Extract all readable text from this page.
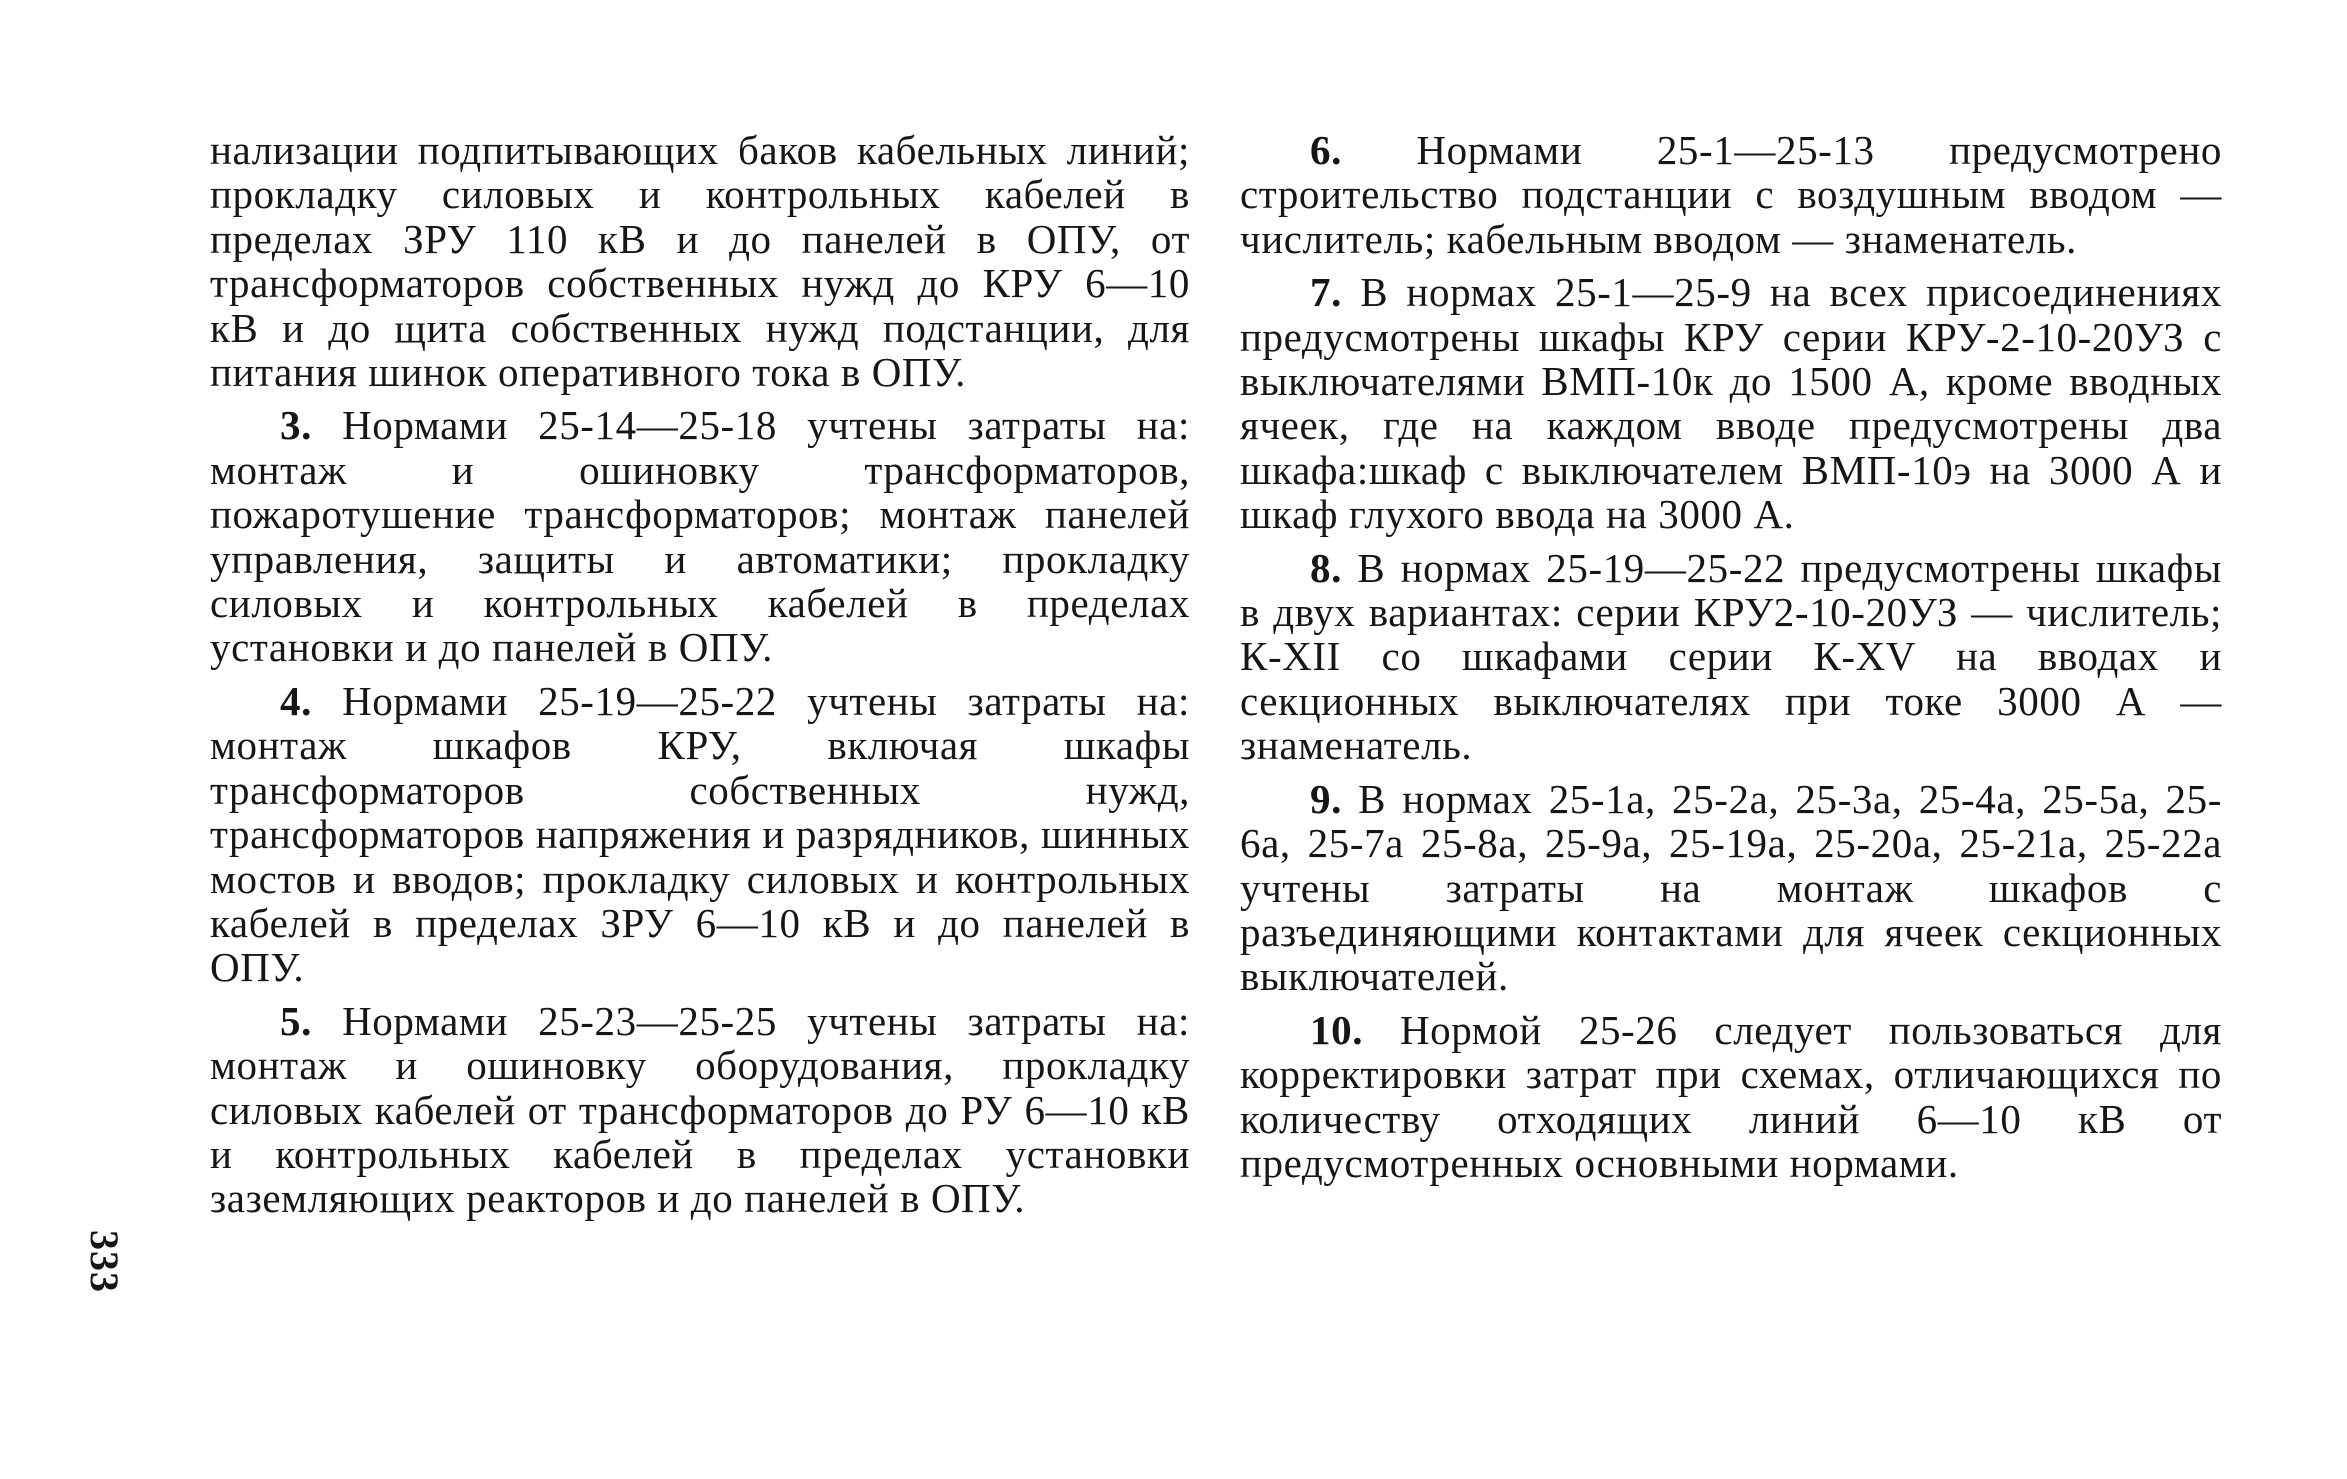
333

нализации подпитывающих баков кабельных линий; прокладку силовых и контрольных кабелей в пределах ЗРУ 110 кВ и до панелей в ОПУ, от трансформаторов собственных нужд до КРУ 6—10 кВ и до щита собственных нужд подстанции, для питания шинок оперативного тока в ОПУ.

3. Нормами 25-14—25-18 учтены затраты на: монтаж и ошиновку трансформаторов, пожаротушение трансформаторов; монтаж панелей управления, защиты и автоматики; прокладку силовых и контрольных кабелей в пределах установки и до панелей в ОПУ.

4. Нормами 25-19—25-22 учтены затраты на: монтаж шкафов КРУ, включая шкафы трансформаторов собственных нужд, трансформаторов напряжения и разрядников, шинных мостов и вводов; прокладку силовых и контрольных кабелей в пределах ЗРУ 6—10 кВ и до панелей в ОПУ.

5. Нормами 25-23—25-25 учтены затраты на: монтаж и ошиновку оборудования, прокладку силовых кабелей от трансформаторов до РУ 6—10 кВ и контрольных кабелей в пределах установки заземляющих реакторов и до панелей в ОПУ.

6. Нормами 25-1—25-13 предусмотрено строительство подстанции с воздушным вводом — числитель; кабельным вводом — знаменатель.

7. В нормах 25-1—25-9 на всех присоединениях предусмотрены шкафы КРУ серии КРУ-2-10-20УЗ с выключателями ВМП-10к до 1500 А, кроме вводных ячеек, где на каждом вводе предусмотрены два шкафа:шкаф с выключателем ВМП-10э на 3000 А и шкаф глухого ввода на 3000 А.

8. В нормах 25-19—25-22 предусмотрены шкафы в двух вариантах: серии КРУ2-10-20УЗ — числитель; К-XII со шкафами серии К-XV на вводах и секционных выключателях при токе 3000 А — знаменатель.

9. В нормах 25-1а, 25-2а, 25-3а, 25-4а, 25-5а, 25-6а, 25-7а 25-8а, 25-9а, 25-19а, 25-20а, 25-21а, 25-22а учтены затраты на монтаж шкафов с разъединяющими контактами для ячеек секционных выключателей.

10. Нормой 25-26 следует пользоваться для корректировки затрат при схемах, отличающихся по количеству отходящих линий 6—10 кВ от предусмотренных основными нормами.
